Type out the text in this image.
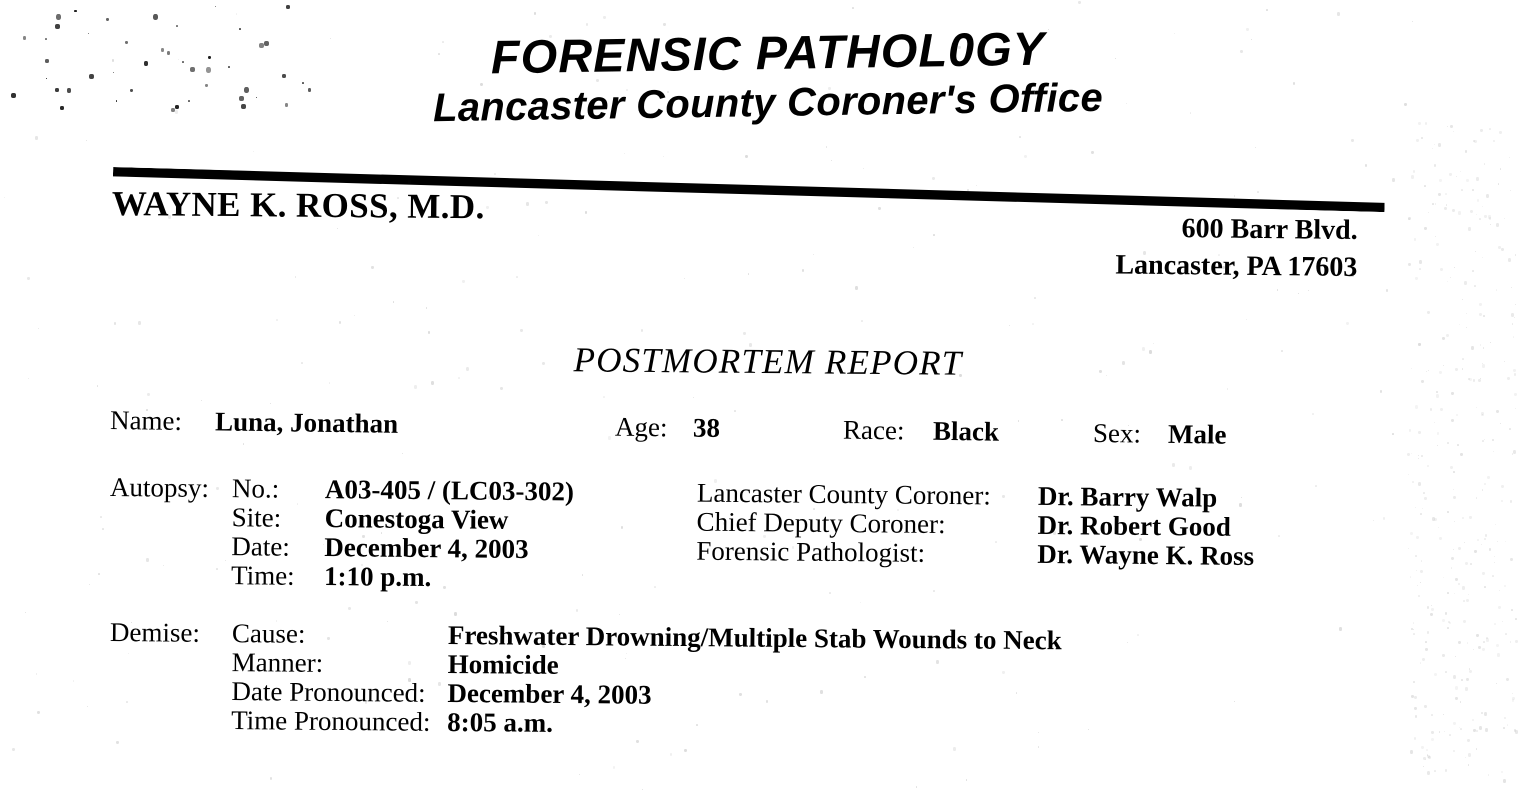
FORENSIC PATHOL0GY
Lancaster County Coroner's Office
WAYNE K. ROSS, M.D.
600 Barr Blvd.
Lancaster, PA 17603
POSTMORTEM REPORT
Name: Luna, Jonathan	Age: 38	Race: Black	Sex: Male
Autopsy: No.: A03-405 / (LC03-302)
Site: Conestoga View
Date: December 4, 2003
Time: 1:10 p.m.
Lancaster County Coroner: Dr. Barry Walp
Chief Deputy Coroner:	Dr. Robert Good
Forensic Pathologist:	Dr. Wayne K. Ross
Demise: Cause:	Freshwater Drowning/Multiple Stab Wounds to Neck
Manner:	Homicide
Date Pronounced: December 4, 2003
Time Pronounced: 8:05 a.m.
